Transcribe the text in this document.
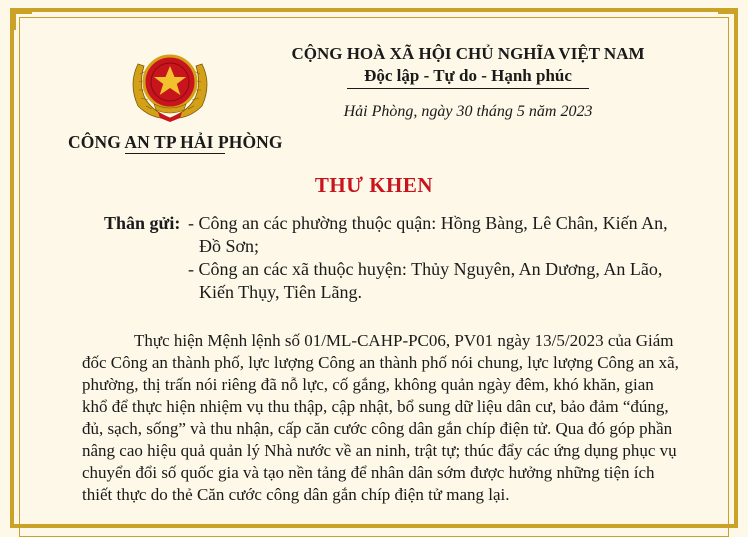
CÔNG AN TP HẢI PHÒNG
CỘNG HOÀ XÃ HỘI CHỦ NGHĨA VIỆT NAM
Độc lập - Tự do - Hạnh phúc
Hải Phòng, ngày 30 tháng 5 năm 2023
THƯ KHEN
Thân gửi: - Công an các phường thuộc quận: Hồng Bàng, Lê Chân, Kiến An,
Đồ Sơn;
- Công an các xã thuộc huyện: Thủy Nguyên, An Dương, An Lão,
Kiến Thụy, Tiên Lãng.
Thực hiện Mệnh lệnh số 01/ML-CAHP-PC06, PV01 ngày 13/5/2023 của Giám
đốc Công an thành phố, lực lượng Công an thành phố nói chung, lực lượng Công an xã,
phường, thị trấn nói riêng đã nỗ lực, cố gắng, không quản ngày đêm, khó khăn, gian
khổ để thực hiện nhiệm vụ thu thập, cập nhật, bổ sung dữ liệu dân cư, bảo đảm “đúng,
đủ, sạch, sống” và thu nhận, cấp căn cước công dân gắn chíp điện tử. Qua đó góp phần
nâng cao hiệu quả quản lý Nhà nước về an ninh, trật tự; thúc đẩy các ứng dụng phục vụ
chuyển đổi số quốc gia và tạo nền tảng để nhân dân sớm được hưởng những tiện ích
thiết thực do thẻ Căn cước công dân gắn chíp điện tử mang lại.
